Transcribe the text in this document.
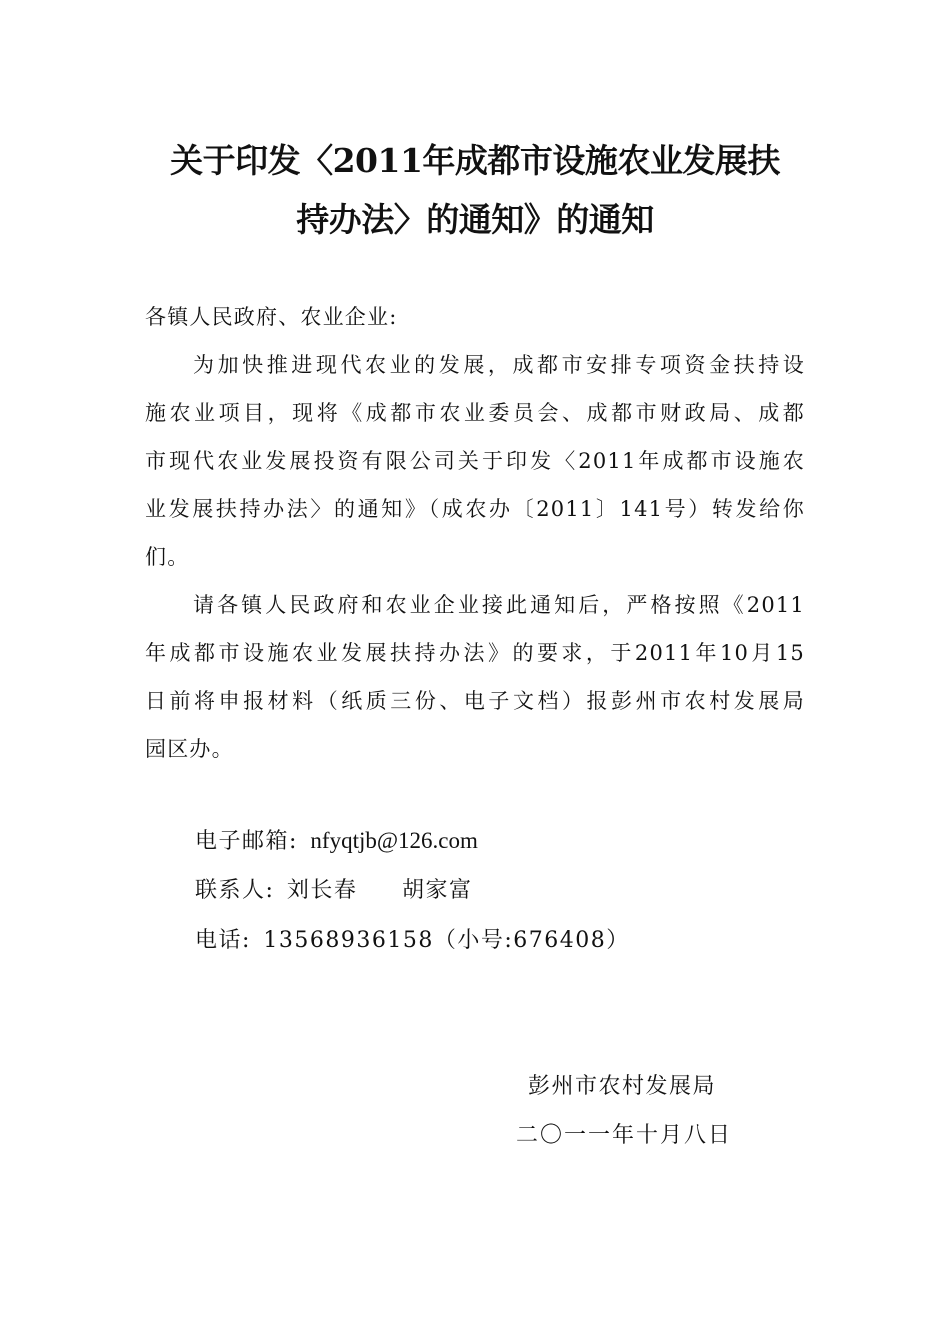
关于印发〈2011年成都市设施农业发展扶
持办法〉的通知》的通知
各镇人民政府、农业企业:
为加快推进现代农业的发展，成都市安排专项资金扶持设
施农业项目，现将《成都市农业委员会、成都市财政局、成都
市现代农业发展投资有限公司关于印发〈2011年成都市设施农
业发展扶持办法〉的通知》（成农办〔2011〕141号）转发给你
们。
请各镇人民政府和农业企业接此通知后，严格按照《2011
年成都市设施农业发展扶持办法》的要求，于2011年10月15
日前将申报材料（纸质三份、电子文档）报彭州市农村发展局
园区办。
电子邮箱: nfyqtjb@126.com
联系人: 刘长春 胡家富
电话: 13568936158（小号:676408）
彭州市农村发展局
二〇一一年十月八日
